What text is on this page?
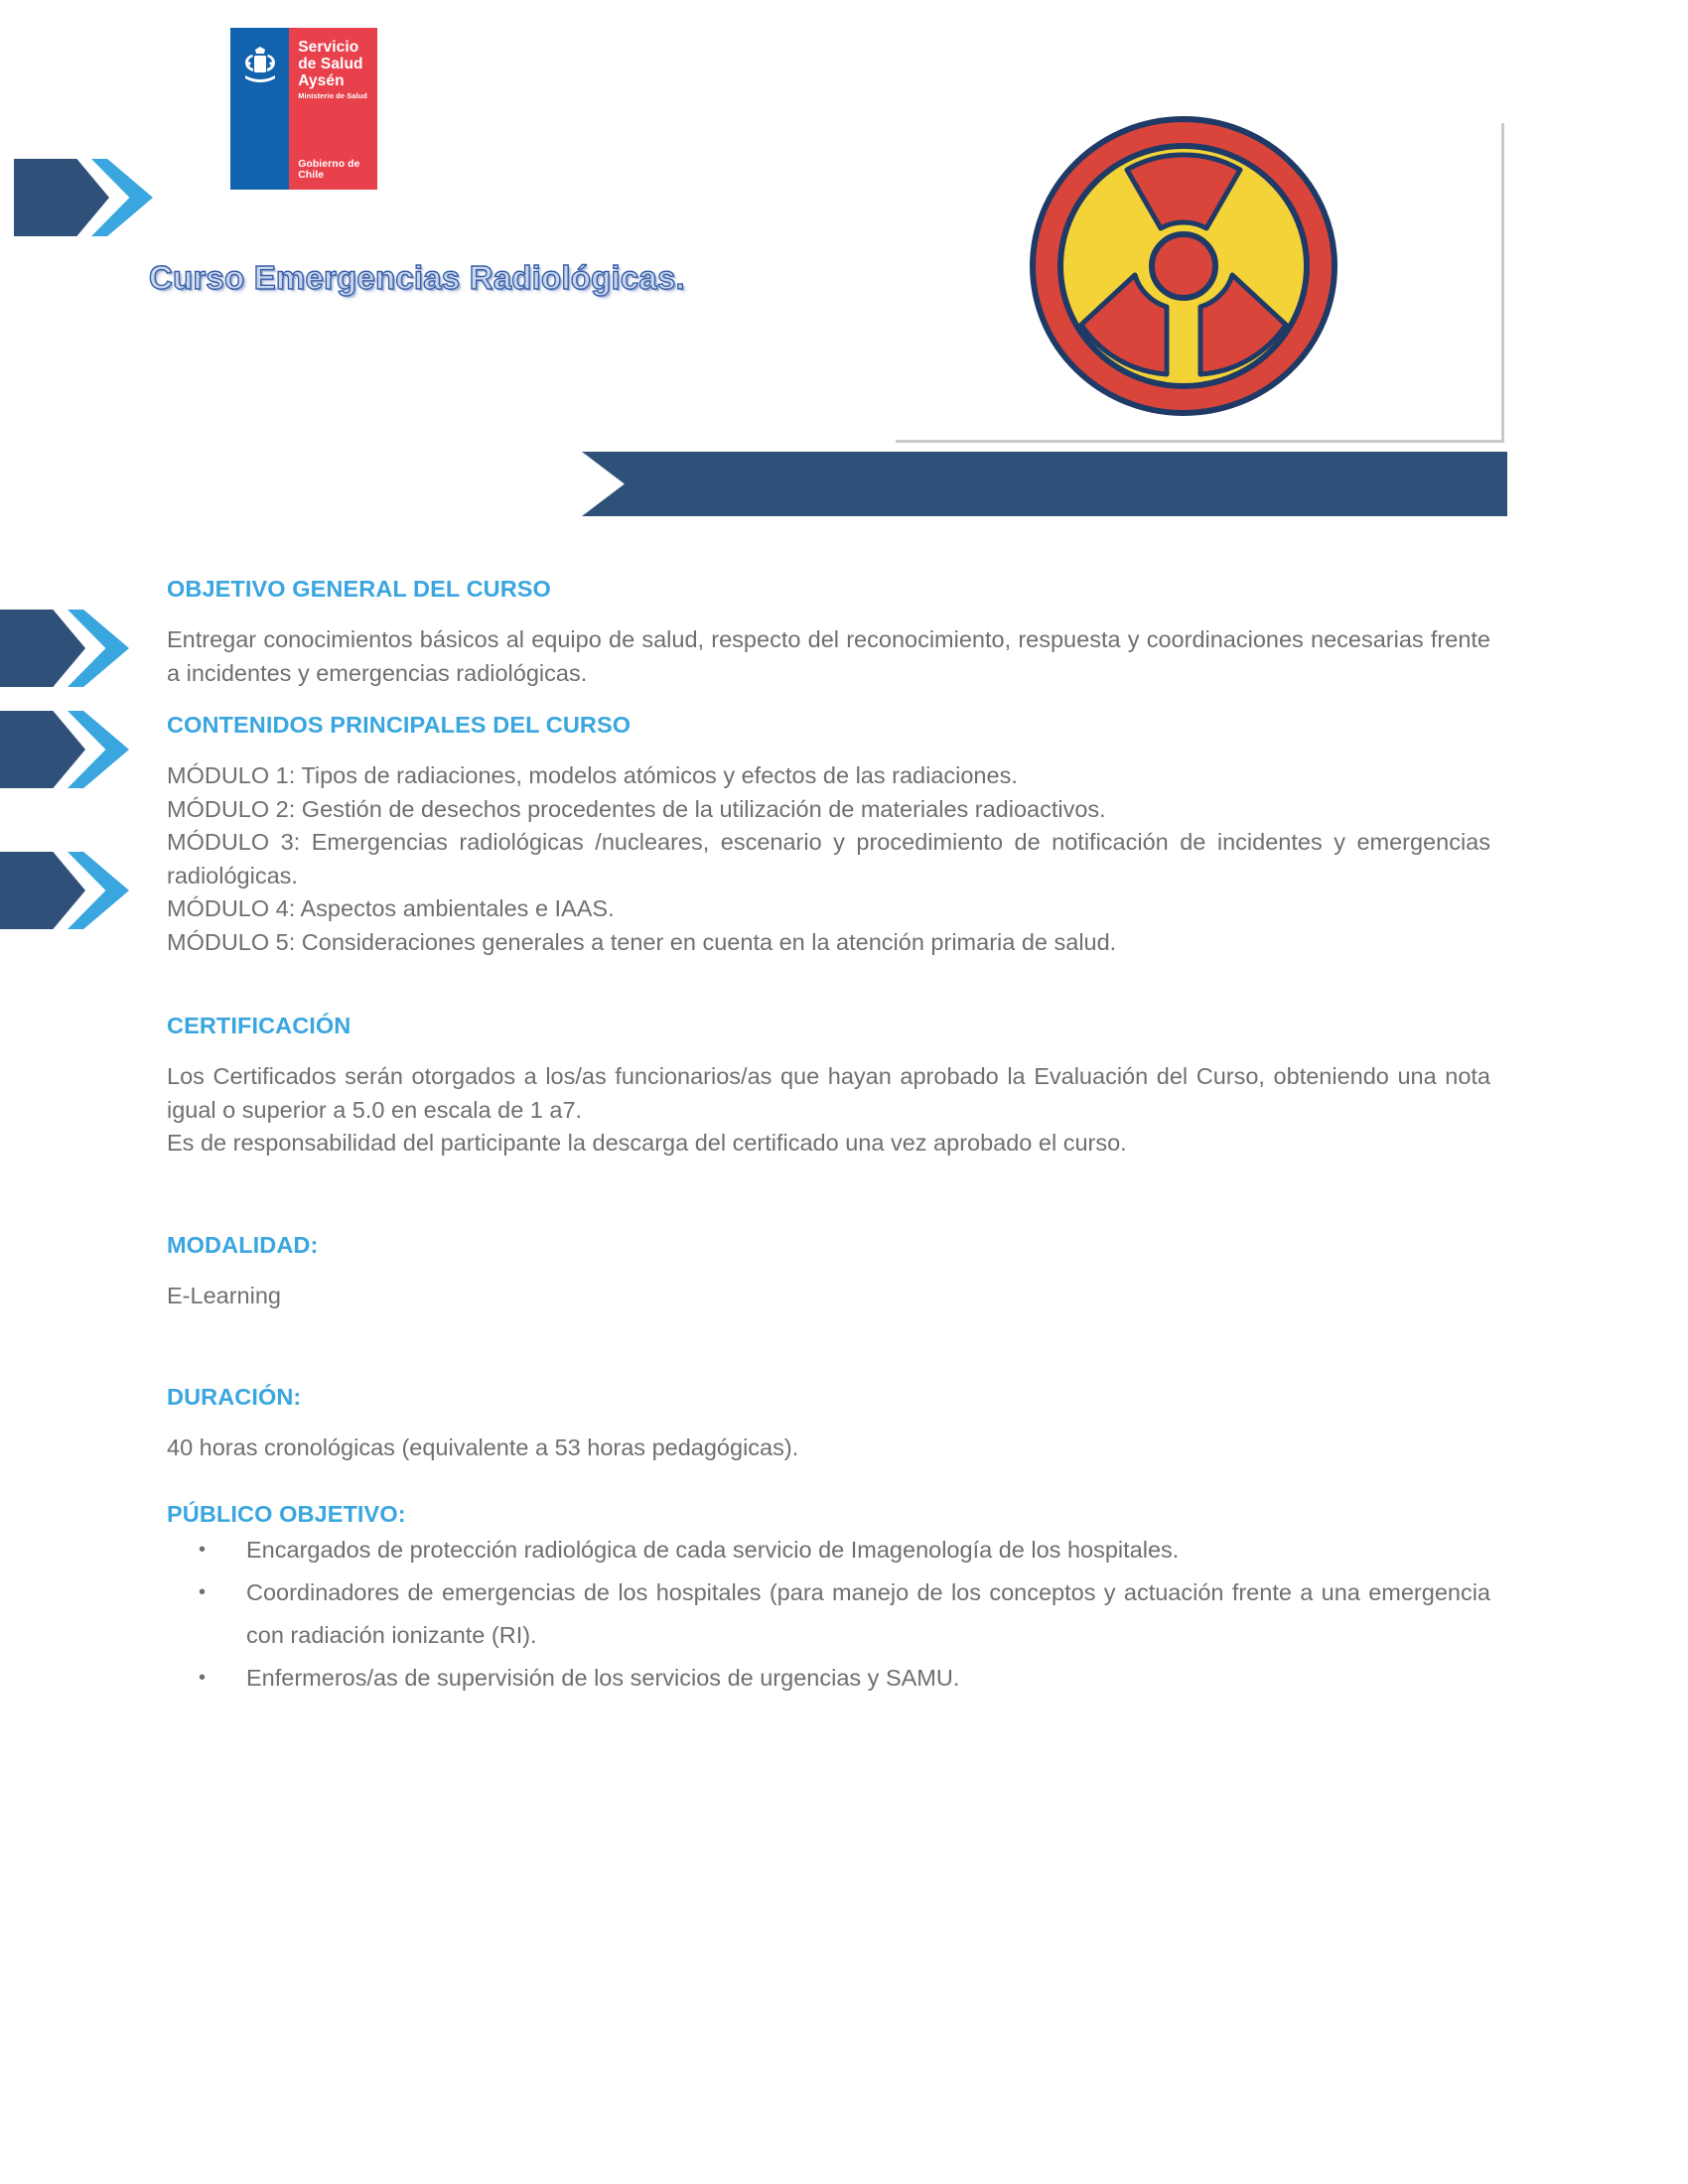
Servicio
de Salud
Aysén
Ministerio de Salud
Gobierno de Chile
Curso Emergencias Radiológicas.
OBJETIVO GENERAL DEL CURSO

Entregar conocimientos básicos al equipo de salud, respecto del reconocimiento, respuesta y coordinaciones necesarias frente a incidentes y emergencias radiológicas.

CONTENIDOS PRINCIPALES DEL CURSO

MÓDULO 1: Tipos de radiaciones, modelos atómicos y efectos de las radiaciones.

MÓDULO 2: Gestión de desechos procedentes de la utilización de materiales radioactivos.

MÓDULO 3: Emergencias radiológicas /nucleares, escenario y procedimiento de notificación de incidentes y emergencias radiológicas.

MÓDULO 4: Aspectos ambientales e IAAS.

MÓDULO 5: Consideraciones generales a tener en cuenta en la atención primaria de salud.

CERTIFICACIÓN

Los Certificados serán otorgados a los/as funcionarios/as que hayan aprobado la Evaluación del Curso, obteniendo una nota igual o superior a 5.0 en escala de 1 a7.

Es de responsabilidad del participante la descarga del certificado una vez aprobado el curso.

MODALIDAD:

E-Learning

DURACIÓN:

40 horas cronológicas (equivalente a 53 horas pedagógicas).

PÚBLICO OBJETIVO:
• Encargados de protección radiológica de cada servicio de Imagenología de los hospitales.
• Coordinadores de emergencias de los hospitales (para manejo de los conceptos y actuación frente a una emergencia con radiación ionizante (RI).
• Enfermeros/as de supervisión de los servicios de urgencias y SAMU.
